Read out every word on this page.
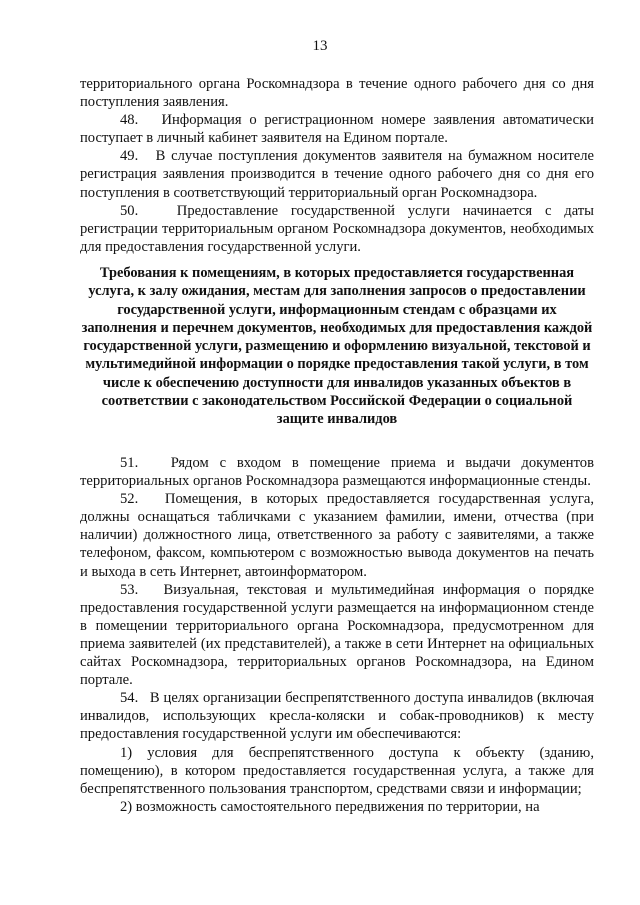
13

территориального органа Роскомнадзора в течение одного рабочего дня со дня поступления заявления.

48.   Информация о регистрационном номере заявления автоматически поступает в личный кабинет заявителя на Едином портале.

49.   В случае поступления документов заявителя на бумажном носителе регистрация заявления производится в течение одного рабочего дня со дня его поступления в соответствующий территориальный орган Роскомнадзора.

50.   Предоставление государственной услуги начинается с даты регистрации территориальным органом Роскомнадзора документов, необходимых для предоставления государственной услуги.

Требования к помещениям, в которых предоставляется государственная услуга, к залу ожидания, местам для заполнения запросов о предоставлении государственной услуги, информационным стендам с образцами их заполнения и перечнем документов, необходимых для предоставления каждой государственной услуги, размещению и оформлению визуальной, текстовой и мультимедийной информации о порядке предоставления такой услуги, в том числе к обеспечению доступности для инвалидов указанных объектов в соответствии с законодательством Российской Федерации о социальной защите инвалидов

51.   Рядом с входом в помещение приема и выдачи документов территориальных органов Роскомнадзора размещаются информационные стенды.

52.   Помещения, в которых предоставляется государственная услуга, должны оснащаться табличками с указанием фамилии, имени, отчества (при наличии) должностного лица, ответственного за работу с заявителями, а также телефоном, факсом, компьютером с возможностью вывода документов на печать и выхода в сеть Интернет, автоинформатором.

53.   Визуальная, текстовая и мультимедийная информация о порядке предоставления государственной услуги размещается на информационном стенде в помещении территориального органа Роскомнадзора, предусмотренном для приема заявителей (их представителей), а также в сети Интернет на официальных сайтах Роскомнадзора, территориальных органов Роскомнадзора, на Едином портале.

54.   В целях организации беспрепятственного доступа инвалидов (включая инвалидов, использующих кресла-коляски и собак-проводников) к месту предоставления государственной услуги им обеспечиваются:

1) условия для беспрепятственного доступа к объекту (зданию, помещению), в котором предоставляется государственная услуга, а также для беспрепятственного пользования транспортом, средствами связи и информации;

2) возможность самостоятельного передвижения по территории, на
